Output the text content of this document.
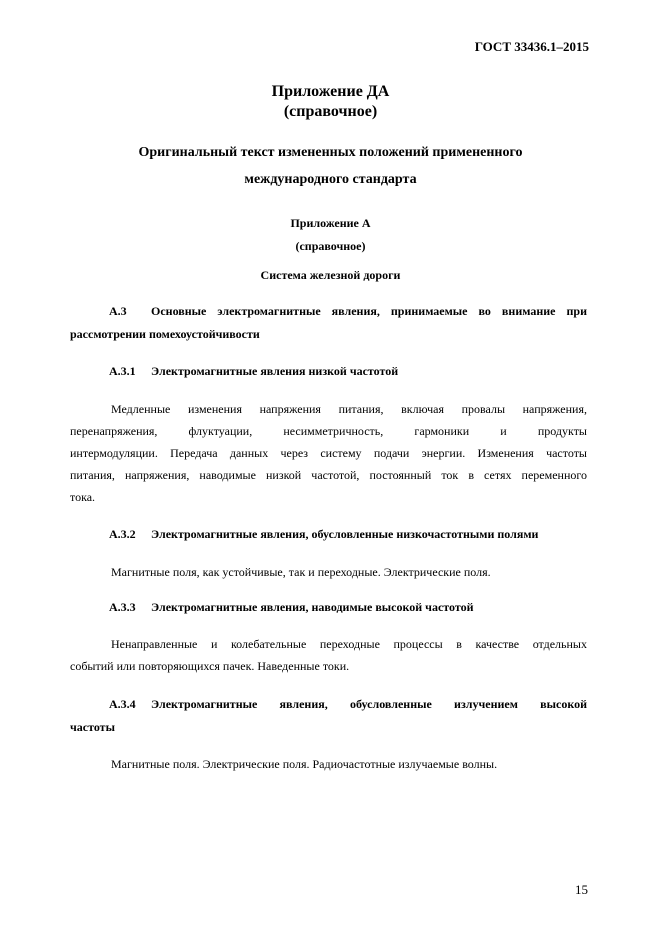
ГОСТ 33436.1–2015
Приложение ДА
(справочное)
Оригинальный текст измененных положений примененного
международного стандарта
Приложение А
(справочное)
Система железной дороги
А.3 Основные электромагнитные явления, принимаемые во внимание при
рассмотрении помехоустойчивости
А.3.1 Электромагнитные явления низкой частотой
Медленные изменения напряжения питания, включая провалы напряжения,
перенапряжения, флуктуации, несимметричность, гармоники и продукты
интермодуляции. Передача данных через систему подачи энергии. Изменения частоты
питания, напряжения, наводимые низкой частотой, постоянный ток в сетях переменного
тока.
А.3.2 Электромагнитные явления, обусловленные низкочастотными полями
Магнитные поля, как устойчивые, так и переходные. Электрические поля.
А.3.3 Электромагнитные явления, наводимые высокой частотой
Ненаправленные и колебательные переходные процессы в качестве отдельных
событий или повторяющихся пачек. Наведенные токи.
А.3.4 Электромагнитные явления, обусловленные излучением высокой
частоты
Магнитные поля. Электрические поля. Радиочастотные излучаемые волны.
15
